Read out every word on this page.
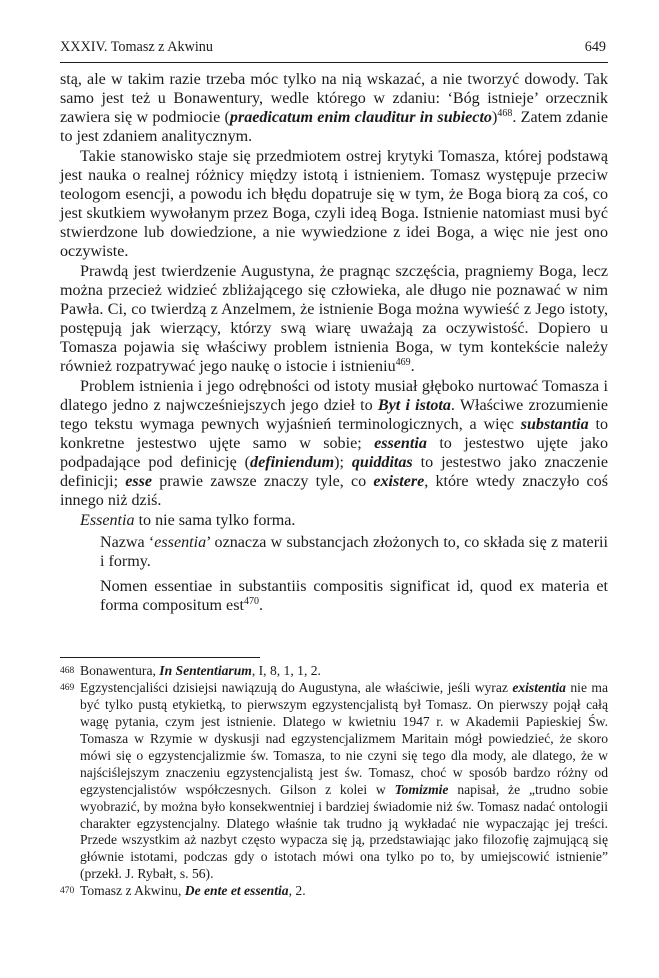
XXXIV. Tomasz z Akwinu	649

stą, ale w takim razie trzeba móc tylko na nią wskazać, a nie tworzyć dowody. Tak samo jest też u Bonawentury, wedle którego w zdaniu: ‘Bóg istnieje’ orzecznik zawiera się w podmiocie (praedicatum enim clauditur in subiecto)$^{468}$. Zatem zdanie to jest zdaniem analitycznym.

Takie stanowisko staje się przedmiotem ostrej krytyki Tomasza, której podstawą jest nauka o realnej różnicy między istotą i istnieniem. Tomasz występuje przeciw teologom esencji, a powodu ich błędu dopatruje się w tym, że Boga biorą za coś, co jest skutkiem wywołanym przez Boga, czyli ideą Boga. Istnienie natomiast musi być stwierdzone lub dowiedzione, a nie wywiedzione z idei Boga, a więc nie jest ono oczywiste.

Prawdą jest twierdzenie Augustyna, że pragnąc szczęścia, pragniemy Boga, lecz można przecież widzieć zbliżającego się człowieka, ale długo nie poznawać w nim Pawła. Ci, co twierdzą z Anzelmem, że istnienie Boga można wywieść z Jego istoty, postępują jak wierzący, którzy swą wiarę uważają za oczywistość. Dopiero u Tomasza pojawia się właściwy problem istnienia Boga, w tym kontekście należy również rozpatrywać jego naukę o istocie i istnieniu$^{469}$.

Problem istnienia i jego odrębności od istoty musiał głęboko nurtować Tomasza i dlatego jedno z najwcześniejszych jego dzieł to Byt i istota. Właściwe zrozumienie tego tekstu wymaga pewnych wyjaśnień terminologicznych, a więc substantia to konkretne jestestwo ujęte samo w sobie; essentia to jestestwo ujęte jako podpadające pod definicję (definiendum); quidditas to jestestwo jako znaczenie definicji; esse prawie zawsze znaczy tyle, co existere, które wtedy znaczyło coś innego niż dziś.

Essentia to nie sama tylko forma.

Nazwa ‘essentia’ oznacza w substancjach złożonych to, co składa się z materii i formy.

Nomen essentiae in substantiis compositis significat id, quod ex materia et forma compositum est$^{470}$.

468 Bonawentura, In Sententiarum, I, 8, 1, 1, 2.

469 Egzystencjaliści dzisiejsi nawiązują do Augustyna, ale właściwie, jeśli wyraz existentia nie ma być tylko pustą etykietką, to pierwszym egzystencjalistą był Tomasz. On pierwszy pojął całą wagę pytania, czym jest istnienie. Dlatego w kwietniu 1947 r. w Akademii Papieskiej Św. Tomasza w Rzymie w dyskusji nad egzystencjalizmem Maritain mógł powiedzieć, że skoro mówi się o egzystencjalizmie św. Tomasza, to nie czyni się tego dla mody, ale dlatego, że w najściślejszym znaczeniu egzystencjalistą jest św. Tomasz, choć w sposób bardzo różny od egzystencjalistów współczesnych. Gilson z kolei w Tomizmie napisał, że „trudno sobie wyobrazić, by można było konsekwentniej i bardziej świadomie niż św. Tomasz nadać ontologii charakter egzystencjalny. Dlatego właśnie tak trudno ją wykładać nie wypaczając jej treści. Przede wszystkim aż nazbyt często wypacza się ją, przedstawiając jako filozofię zajmującą się głównie istotami, podczas gdy o istotach mówi ona tylko po to, by umiejscowić istnienie” (przekł. J. Rybałt, s. 56).

470 Tomasz z Akwinu, De ente et essentia, 2.
